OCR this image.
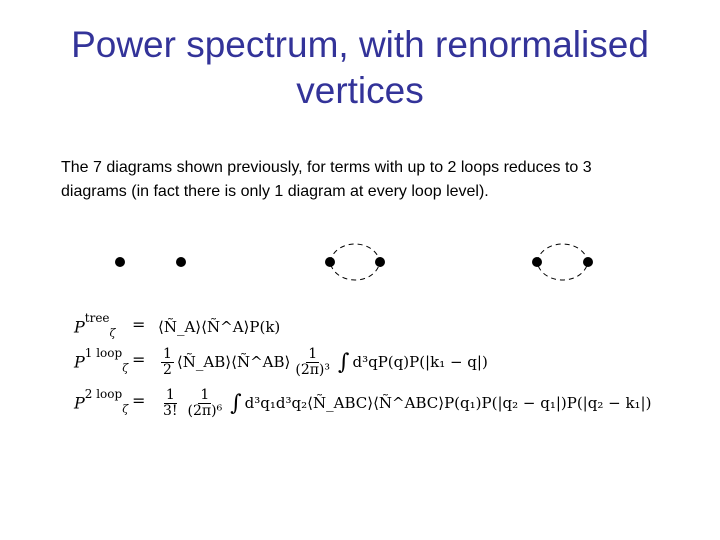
Power spectrum, with renormalised
vertices
The 7 diagrams shown previously, for terms with up to 2 loops reduces to 3
diagrams (in fact there is only 1 diagram at every loop level).
$P^{tree}_\zeta$ = ⟨Ñ_A⟩⟨Ñ^A⟩P(k)
$P^{1 loop}_\zeta = \frac{1}{2}$ ⟨Ñ_AB⟩⟨Ñ^AB⟩ $\frac{1}{\text{(2π)³}}$ ∫ d³qP(q)P(|k₁ − q|)
$P^{2 loop}_\zeta = \frac{1}{3!} \frac{1}{\text{(2π)⁶}}$ ∫ d³q₁d³q₂⟨Ñ_ABC⟩⟨Ñ^ABC⟩P(q₁)P(|q₂ − q₁|)P(|q₂ − k₁|)
